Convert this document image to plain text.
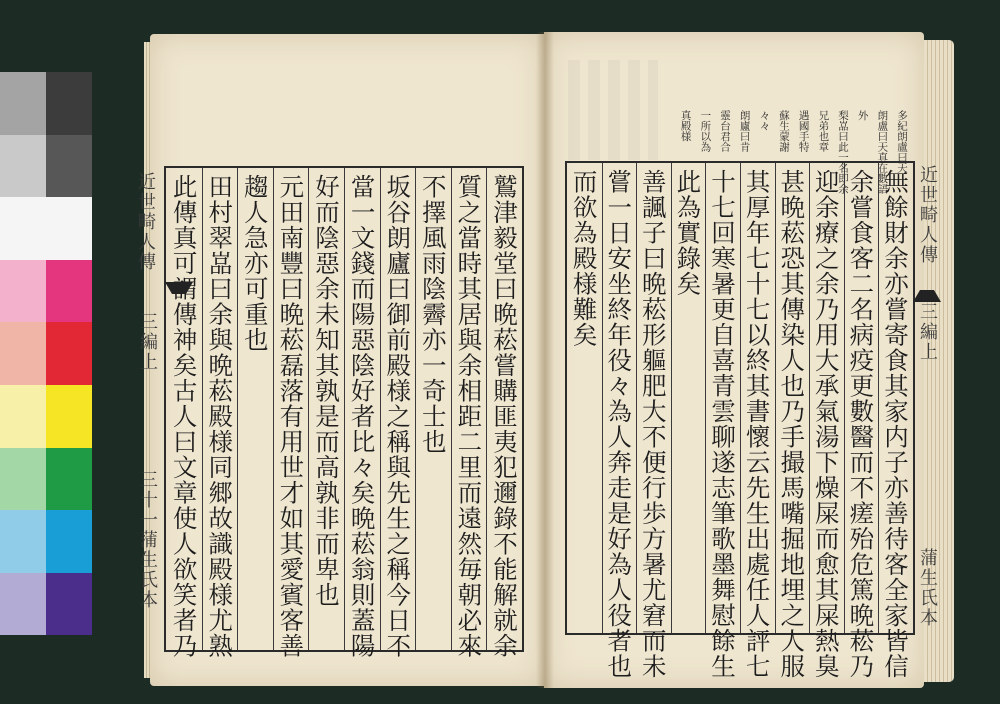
鷲津毅堂曰晩菘嘗購匪夷犯邇錄不能解就余
質之當時其居與余相距二里而遠然毎朝必來
不擇風雨陰霽亦一奇士也
坂谷朗廬曰御前殿様之稱與先生之稱今日不
當一文錢而陽惡陰好者比々矣晩菘翁則蓋陽
好而陰惡余未知其孰是而高孰非而卑也
元田南豐曰晩菘磊落有用世才如其愛賓客善
趨人急亦可重也
田村翠嵓曰余與晩菘殿様同郷故識殿様尤熟
此傳真可謂傳神矣古人曰文章使人欲笑者乃
近世畸人傳
三編上
三十一
蒲生氏本	無餘財余亦嘗寄食其家内子亦善待客全家皆信
余嘗食客二名病疫更數醫而不瘥殆危篤晩菘乃
迎余療之余乃用大承氣湯下燥屎而愈其屎熱臭
甚晩菘恐其傳染人也乃手撮馬嘴掘地埋之人服
其厚年七十七以終其書懷云先生出處任人評七
十七回寒暑更自喜青雲聊遂志筆歌墨舞慰餘生
此為實錄矣
善諷子曰晩菘形軀肥大不便行歩方暑尤窘而未
嘗一日安坐終年役々為人奔走是好為人役者也
而欲為殿様難矣	近世畸人傳
三編上
蒲生氏本
多紀朗盧曰天
朗盧曰天真在數語
外
梨嵓曰此一名即余
兄弟也章
遇國手特
蘇生蒙謝
々々
朗廬曰肯
靈台君合
一所以為
真殿様
